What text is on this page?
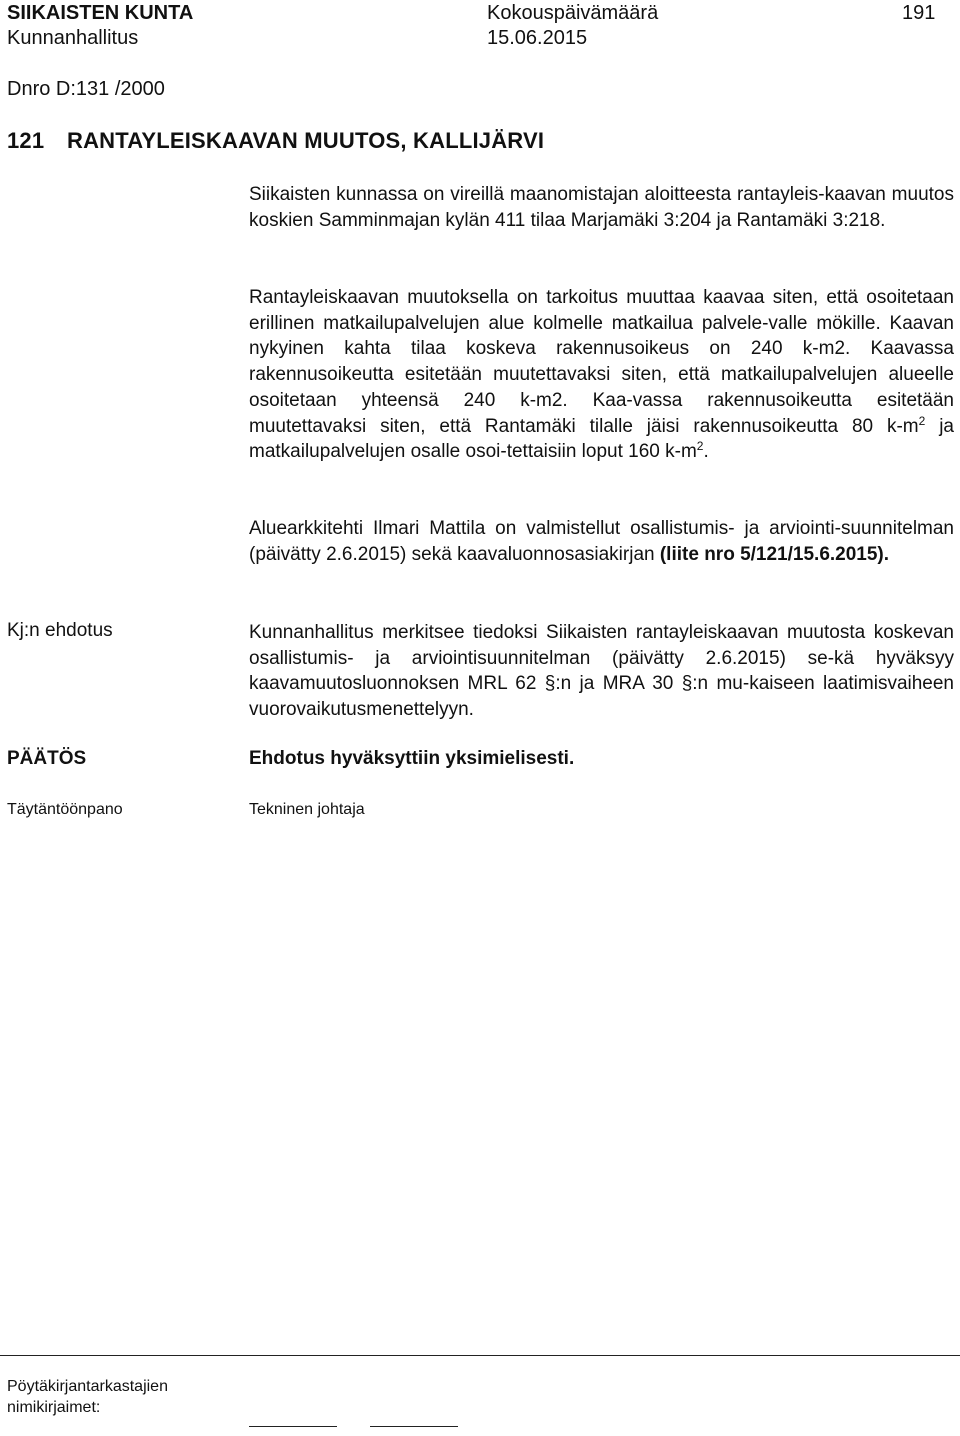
SIIKAISTEN KUNTA	Kokouspäivämäärä	191
Kunnanhallitus	15.06.2015
Dnro D:131 /2000
121 RANTAYLEISKAAVAN MUUTOS, KALLIJÄRVI
Siikaisten kunnassa on vireillä maanomistajan aloitteesta rantayleis-kaavan muutos koskien Samminmajan kylän 411 tilaa Marjamäki 3:204 ja Rantamäki 3:218.
Rantayleiskaavan muutoksella on tarkoitus muuttaa kaavaa siten, että osoitetaan erillinen matkailupalvelujen alue kolmelle matkailua palvele-valle mökille. Kaavan nykyinen kahta tilaa koskeva rakennusoikeus on 240 k-m2. Kaavassa rakennusoikeutta esitetään muutettavaksi siten, että matkailupalvelujen alueelle osoitetaan yhteensä 240 k-m2. Kaa-vassa rakennusoikeutta esitetään muutettavaksi siten, että Rantamäki tilalle jäisi rakennusoikeutta 80 $k-m^2$ ja matkailupalvelujen osalle osoi-tettaisiin loput 160 $k-m^2$.
Aluearkkitehti Ilmari Mattila on valmistellut osallistumis- ja arviointi-suunnitelman (päivätty 2.6.2015) sekä kaavaluonnosasiakirjan (liite nro 5/121/15.6.2015).
Kj:n ehdotus	Kunnanhallitus merkitsee tiedoksi Siikaisten rantayleiskaavan muutosta koskevan osallistumis- ja arviointisuunnitelman (päivätty 2.6.2015) se-kä hyväksyy kaavamuutosluonnoksen MRL 62 §:n ja MRA 30 §:n mu-kaiseen laatimisvaiheen vuorovaikutusmenettelyyn.
PÄÄTÖS	Ehdotus hyväksyttiin yksimielisesti.
Täytäntöönpano	Tekninen johtaja
Pöytäkirjantarkastajien
nimikirjaimet:
